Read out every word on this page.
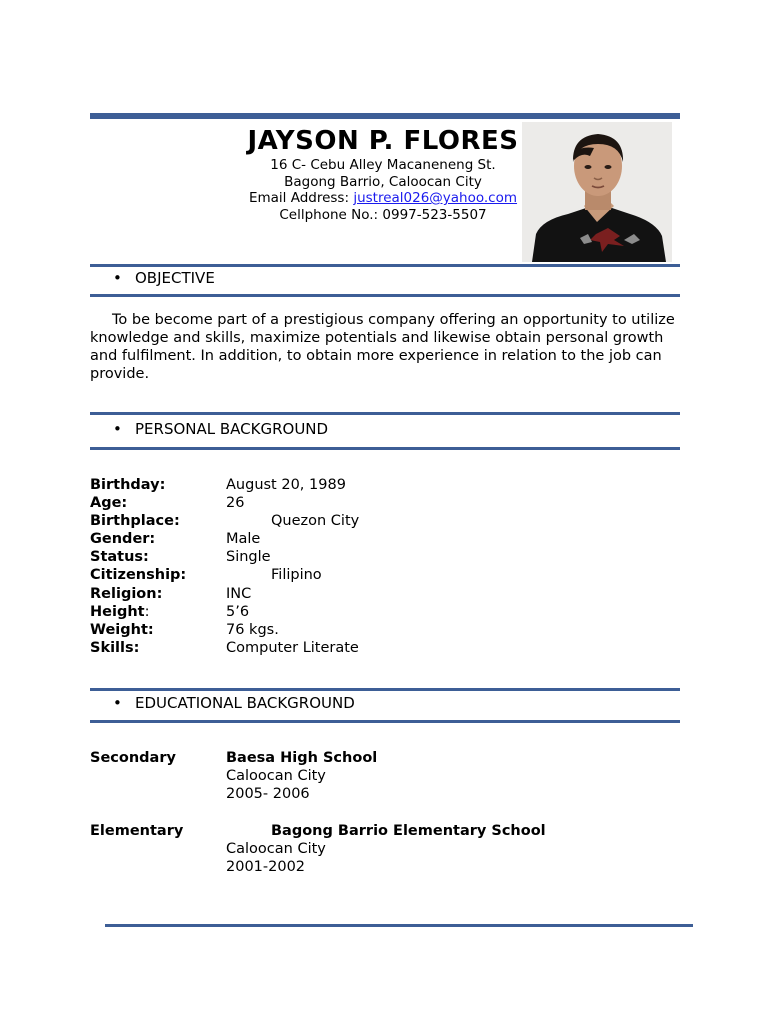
JAYSON P. FLORES
16 C- Cebu Alley Macaneneng St.
Bagong Barrio, Caloocan City
Email Address: justreal026@yahoo.com
Cellphone No.: 0997-523-5507
• OBJECTIVE
To be become part of a prestigious company offering an opportunity to utilize knowledge and skills, maximize potentials and likewise obtain personal growth and fulfilment. In addition, to obtain more experience in relation to the job can provide.
• PERSONAL BACKGROUND
Birthday:	August 20, 1989
Age:	26
Birthplace:	Quezon City
Gender:	Male
Status:	Single
Citizenship:	Filipino
Religion:	INC
Height:	5’6
Weight:	76 kgs.
Skills:	Computer Literate
• EDUCATIONAL BACKGROUND
Secondary	Baesa High School
Caloocan City
2005- 2006
Elementary	Bagong Barrio Elementary School
Caloocan City
2001-2002
